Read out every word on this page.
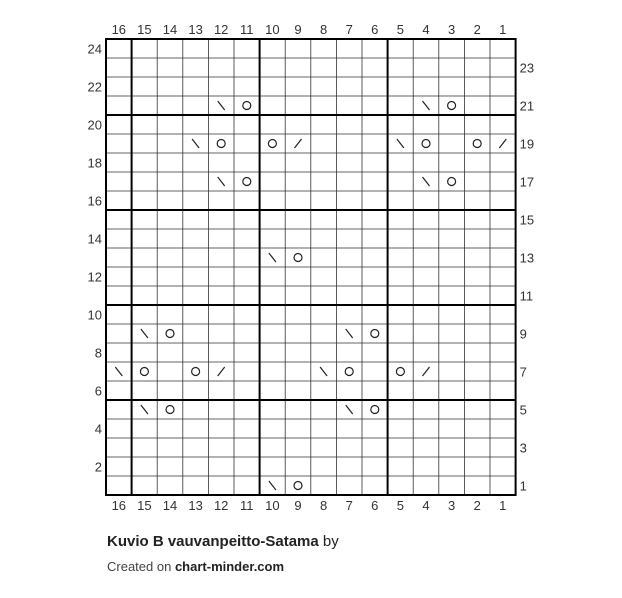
16
16
15
15
14
14
13
13
12
12
11
11
10
10
9
9
8
8
7
7
6
6
5
5
4
4
3
3
2
2
1
1
24
22
20
18
16
14
12
10
8
6
4
2
23
21
19
17
15
13
11
9
7
5
3
1
Kuvio B vauvanpeitto-Satama by
Created on chart-minder.com
